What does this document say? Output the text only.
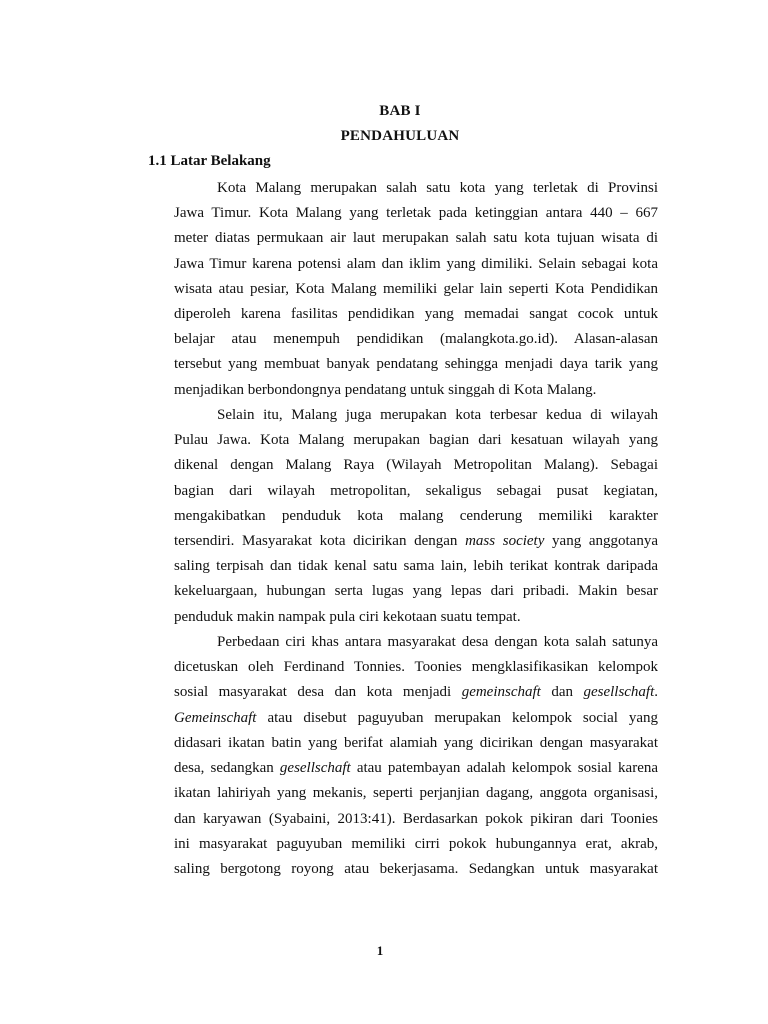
BAB I
PENDAHULUAN
1.1 Latar Belakang
Kota Malang merupakan salah satu kota yang terletak di Provinsi
Jawa Timur. Kota Malang yang terletak pada ketinggian antara 440 – 667
meter diatas permukaan air laut merupakan salah satu kota tujuan wisata di
Jawa Timur karena potensi alam dan iklim yang dimiliki. Selain sebagai kota
wisata atau pesiar, Kota Malang memiliki gelar lain seperti Kota Pendidikan
diperoleh karena fasilitas pendidikan yang memadai sangat cocok untuk
belajar atau menempuh pendidikan (malangkota.go.id). Alasan-alasan
tersebut yang membuat banyak pendatang sehingga menjadi daya tarik yang
menjadikan berbondongnya pendatang untuk singgah di Kota Malang.
Selain itu, Malang juga merupakan kota terbesar kedua di wilayah
Pulau Jawa. Kota Malang merupakan bagian dari kesatuan wilayah yang
dikenal dengan Malang Raya (Wilayah Metropolitan Malang). Sebagai
bagian dari wilayah metropolitan, sekaligus sebagai pusat kegiatan,
mengakibatkan penduduk kota malang cenderung memiliki karakter
tersendiri. Masyarakat kota dicirikan dengan mass society yang anggotanya
saling terpisah dan tidak kenal satu sama lain, lebih terikat kontrak daripada
kekeluargaan, hubungan serta lugas yang lepas dari pribadi. Makin besar
penduduk makin nampak pula ciri kekotaan suatu tempat.
Perbedaan ciri khas antara masyarakat desa dengan kota salah satunya
dicetuskan oleh Ferdinand Tonnies. Toonies mengklasifikasikan kelompok
sosial masyarakat desa dan kota menjadi gemeinschaft dan gesellschaft.
Gemeinschaft atau disebut paguyuban merupakan kelompok social yang
didasari ikatan batin yang berifat alamiah yang dicirikan dengan masyarakat
desa, sedangkan gesellschaft atau patembayan adalah kelompok sosial karena
ikatan lahiriyah yang mekanis, seperti perjanjian dagang, anggota organisasi,
dan karyawan (Syabaini, 2013:41). Berdasarkan pokok pikiran dari Toonies
ini masyarakat paguyuban memiliki cirri pokok hubungannya erat, akrab,
saling bergotong royong atau bekerjasama. Sedangkan untuk masyarakat
1
